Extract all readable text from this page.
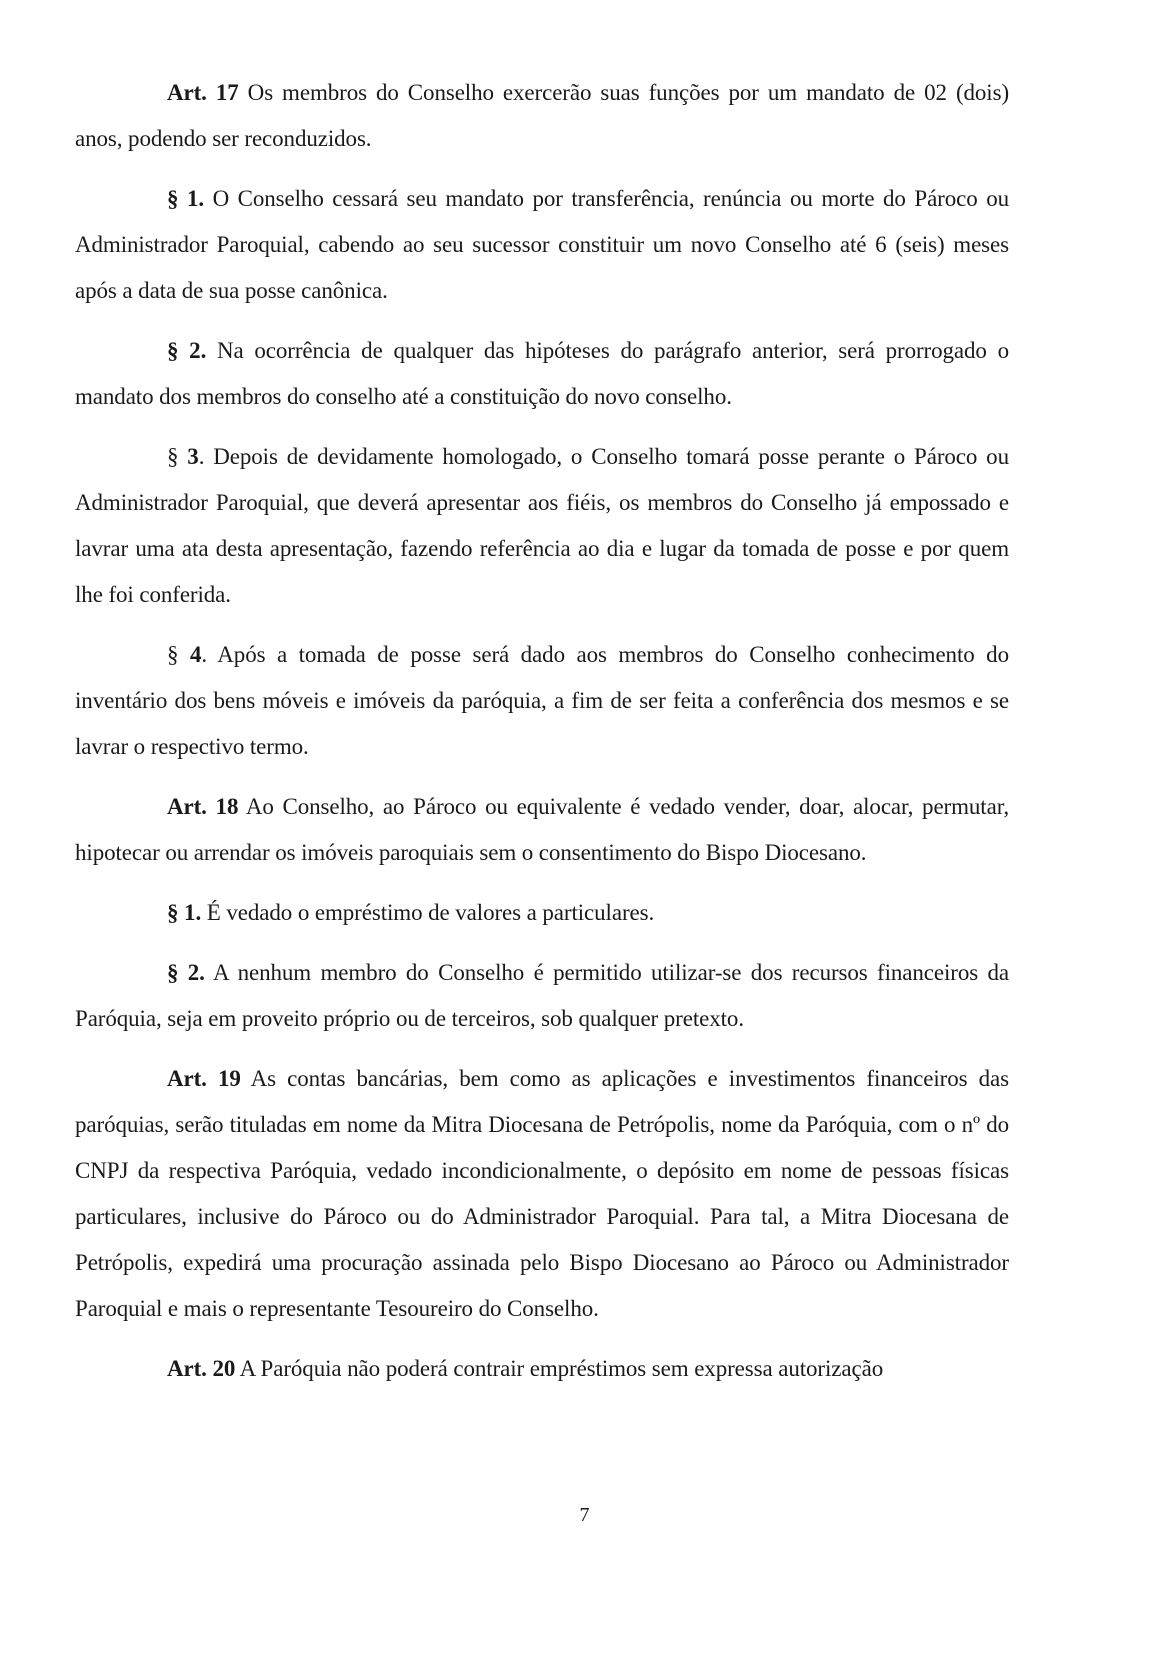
Art. 17 Os membros do Conselho exercerão suas funções por um mandato de 02 (dois) anos, podendo ser reconduzidos.

§ 1. O Conselho cessará seu mandato por transferência, renúncia ou morte do Pároco ou Administrador Paroquial, cabendo ao seu sucessor constituir um novo Conselho até 6 (seis) meses após a data de sua posse canônica.

§ 2. Na ocorrência de qualquer das hipóteses do parágrafo anterior, será prorrogado o mandato dos membros do conselho até a constituição do novo conselho.

§ 3. Depois de devidamente homologado, o Conselho tomará posse perante o Pároco ou Administrador Paroquial, que deverá apresentar aos fiéis, os membros do Conselho já empossado e lavrar uma ata desta apresentação, fazendo referência ao dia e lugar da tomada de posse e por quem lhe foi conferida.

§ 4. Após a tomada de posse será dado aos membros do Conselho conhecimento do inventário dos bens móveis e imóveis da paróquia, a fim de ser feita a conferência dos mesmos e se lavrar o respectivo termo.

Art. 18 Ao Conselho, ao Pároco ou equivalente é vedado vender, doar, alocar, permutar, hipotecar ou arrendar os imóveis paroquiais sem o consentimento do Bispo Diocesano.

§ 1. É vedado o empréstimo de valores a particulares.

§ 2. A nenhum membro do Conselho é permitido utilizar-se dos recursos financeiros da Paróquia, seja em proveito próprio ou de terceiros, sob qualquer pretexto.

Art. 19 As contas bancárias, bem como as aplicações e investimentos financeiros das paróquias, serão tituladas em nome da Mitra Diocesana de Petrópolis, nome da Paróquia, com o nº do CNPJ da respectiva Paróquia, vedado incondicionalmente, o depósito em nome de pessoas físicas particulares, inclusive do Pároco ou do Administrador Paroquial. Para tal, a Mitra Diocesana de Petrópolis, expedirá uma procuração assinada pelo Bispo Diocesano ao Pároco ou Administrador Paroquial e mais o representante Tesoureiro do Conselho.

Art. 20 A Paróquia não poderá contrair empréstimos sem expressa autorização

7
